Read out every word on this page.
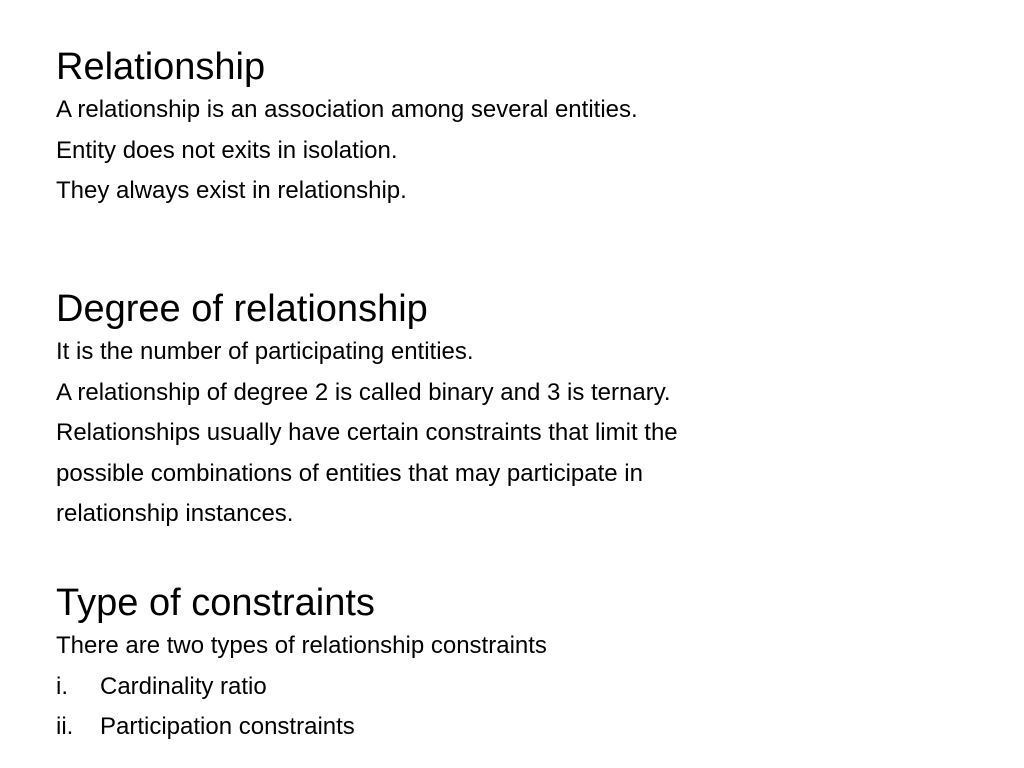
Relationship
A relationship is an association among several entities.
Entity does not exits in isolation.
They always exist in relationship.
Degree of relationship
It is the number of participating entities.
A relationship of degree 2 is called binary and 3 is ternary.
Relationships usually have certain constraints that limit the
possible combinations of entities that may participate in
relationship instances.
Type of constraints
There are two types of relationship constraints
i. Cardinality ratio
ii. Participation constraints
